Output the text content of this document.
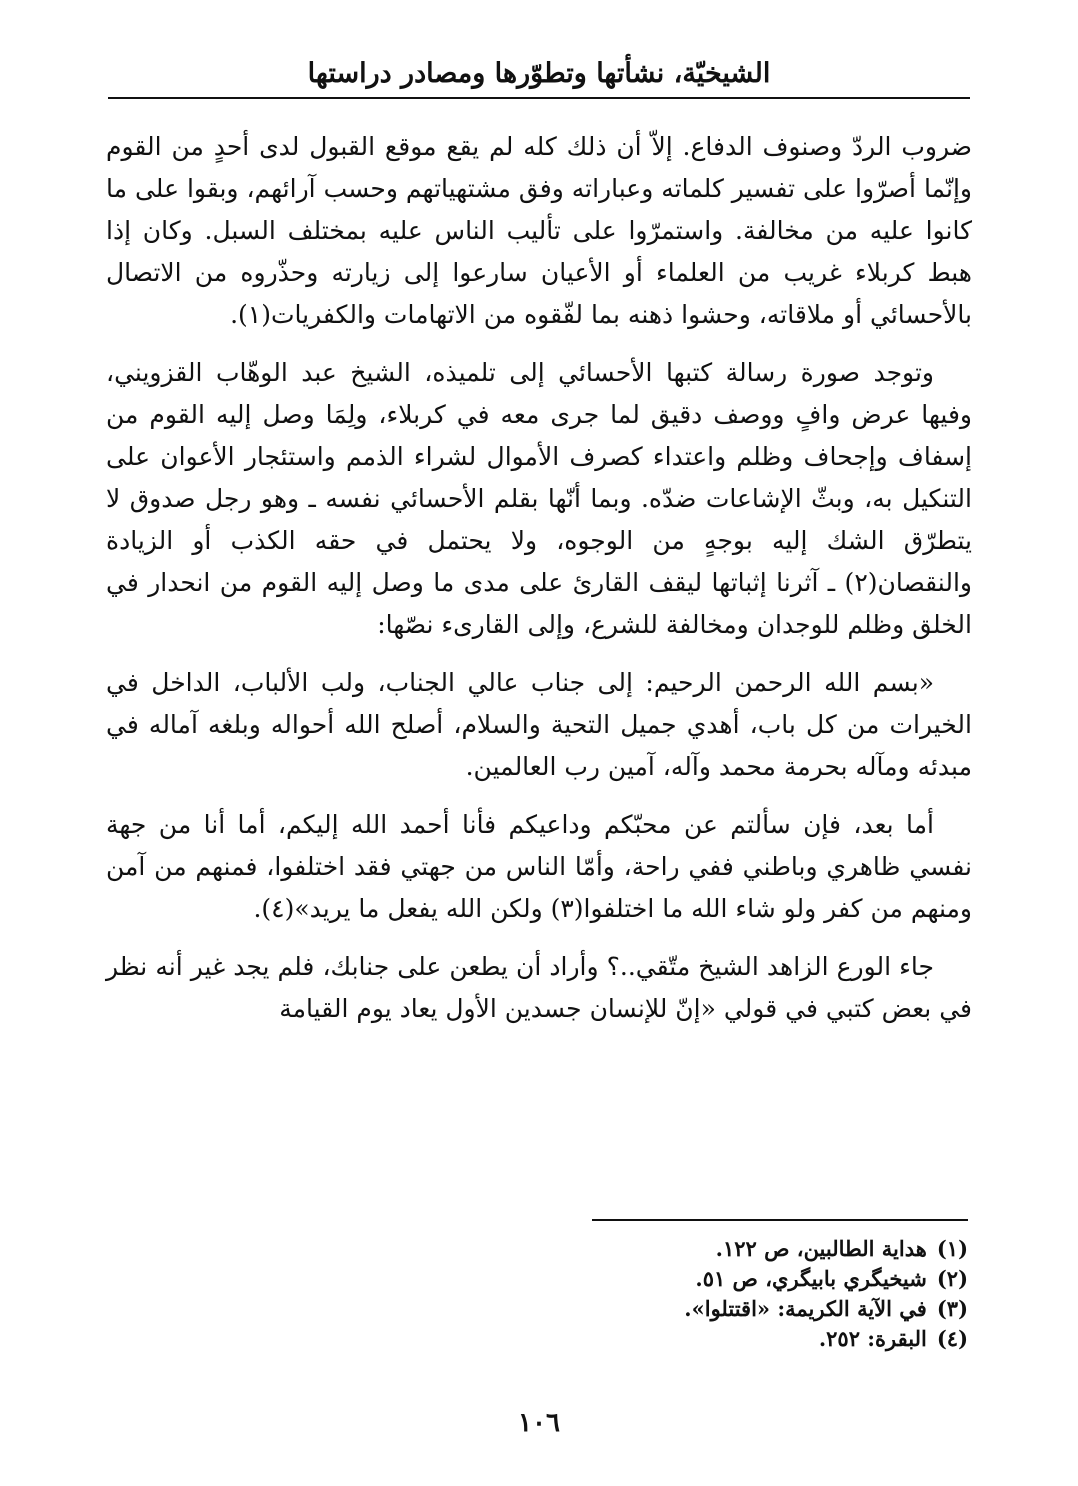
الشيخيّة، نشأتها وتطوّرها ومصادر دراستها

ضروب الردّ وصنوف الدفاع. إلاّ أن ذلك كله لم يقع موقع القبول لدى أحدٍ من القوم وإنّما أصرّوا على تفسير كلماته وعباراته وفق مشتهياتهم وحسب آرائهم، وبقوا على ما كانوا عليه من مخالفة. واستمرّوا على تأليب الناس عليه بمختلف السبل. وكان إذا هبط كربلاء غريب من العلماء أو الأعيان سارعوا إلى زيارته وحذّروه من الاتصال بالأحسائي أو ملاقاته، وحشوا ذهنه بما لفّقوه من الاتهامات والكفريات(١).

وتوجد صورة رسالة كتبها الأحسائي إلى تلميذه، الشيخ عبد الوهّاب القزويني، وفيها عرض وافٍ ووصف دقيق لما جرى معه في كربلاء، ولِمَا وصل إليه القوم من إسفاف وإجحاف وظلم واعتداء كصرف الأموال لشراء الذمم واستئجار الأعوان على التنكيل به، وبثّ الإشاعات ضدّه. وبما أنّها بقلم الأحسائي نفسه ـ وهو رجل صدوق لا يتطرّق الشك إليه بوجهٍ من الوجوه، ولا يحتمل في حقه الكذب أو الزيادة والنقصان(٢) ـ آثرنا إثباتها ليقف القارئ على مدى ما وصل إليه القوم من انحدار في الخلق وظلم للوجدان ومخالفة للشرع، وإلى القارىء نصّها:

«بسم الله الرحمن الرحيم: إلى جناب عالي الجناب، ولب الألباب، الداخل في الخيرات من كل باب، أهدي جميل التحية والسلام، أصلح الله أحواله وبلغه آماله في مبدئه ومآله بحرمة محمد وآله، آمين رب العالمين.

أما بعد، فإن سألتم عن محبّكم وداعيكم فأنا أحمد الله إليكم، أما أنا من جهة نفسي ظاهري وباطني ففي راحة، وأمّا الناس من جهتي فقد اختلفوا، فمنهم من آمن ومنهم من كفر ولو شاء الله ما اختلفوا(٣) ولكن الله يفعل ما يريد»(٤).

جاء الورع الزاهد الشيخ متّقي..؟ وأراد أن يطعن على جنابك، فلم يجد غير أنه نظر في بعض كتبي في قولي «إنّ للإنسان جسدين الأول يعاد يوم القيامة

(١)هداية الطالبين، ص ١٢٢.
(٢)شيخيگري بابيگري، ص ٥١.
(٣)في الآية الكريمة: «اقتتلوا».
(٤)البقرة: ٢٥٢.
١٠٦
